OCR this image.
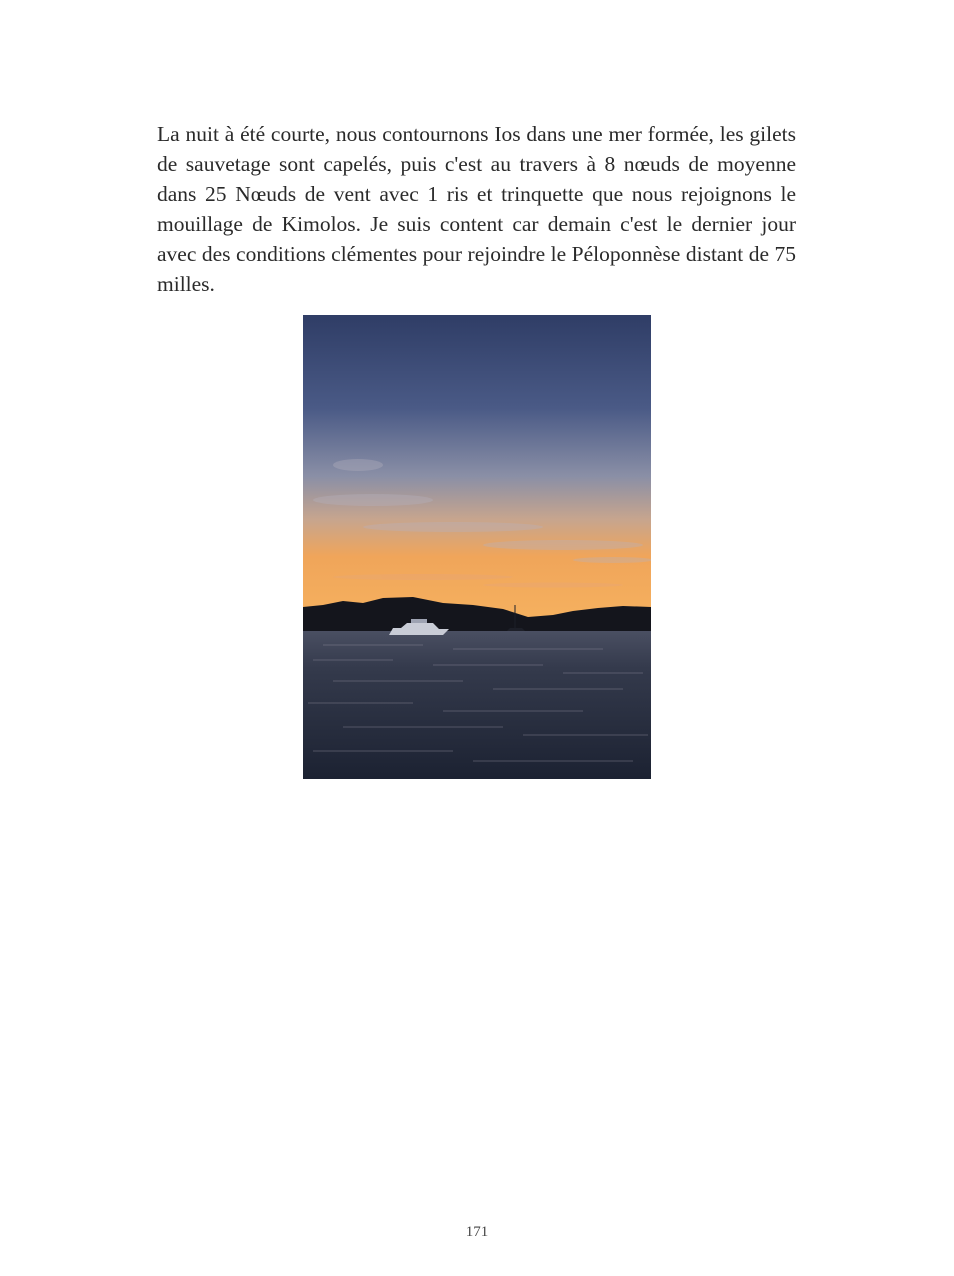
La nuit à été courte, nous contournons Ios dans une mer formée, les gilets de sauvetage sont capelés, puis c'est au travers à 8 nœuds de moyenne dans 25 Nœuds de vent avec 1 ris et trinquette que nous rejoignons le mouillage de Kimolos. Je suis content car demain c'est le dernier jour avec des conditions clémentes pour rejoindre le Péloponnèse distant de 75 milles.

171
